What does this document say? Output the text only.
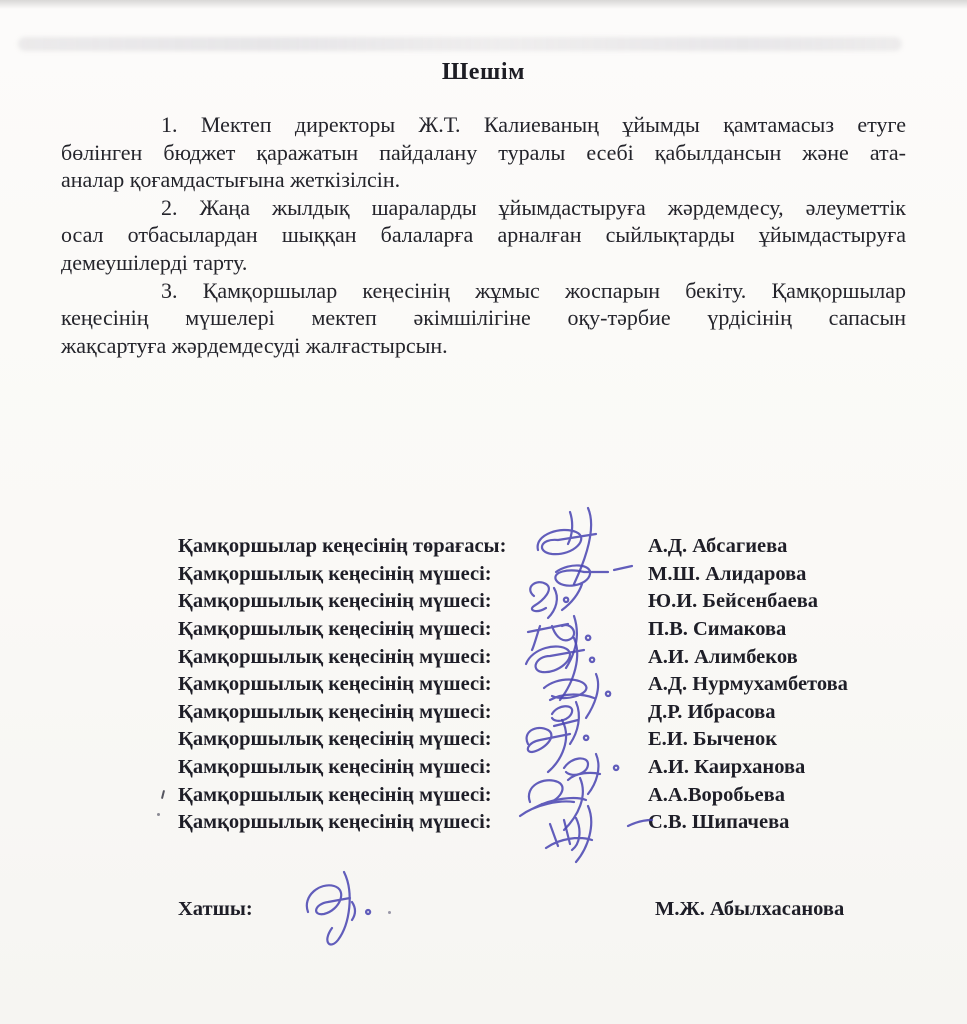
Шешім
1. Мектеп директоры Ж.Т. Калиеваның ұйымды қамтамасыз етуге
бөлінген бюджет қаражатын пайдалану туралы есебі қабылдансын және ата-
аналар қоғамдастығына жеткізілсін.
2. Жаңа жылдық шараларды ұйымдастыруға жәрдемдесу, әлеуметтік
осал отбасылардан шыққан балаларға арналған сыйлықтарды ұйымдастыруға
демеушілерді тарту.
3. Қамқоршылар кеңесінің жұмыс жоспарын бекіту. Қамқоршылар
кеңесінің мүшелері мектеп әкімшілігіне оқу-тәрбие үрдісінің сапасын
жақсартуға жәрдемдесуді жалғастырсын.
Қамқоршылар кеңесінің төрағасы:	А.Д. Абсагиева
Қамқоршылық кеңесінің мүшесі:	М.Ш. Алидарова
Қамқоршылық кеңесінің мүшесі:	Ю.И. Бейсенбаева
Қамқоршылық кеңесінің мүшесі:	П.В. Симакова
Қамқоршылық кеңесінің мүшесі:	А.И. Алимбеков
Қамқоршылық кеңесінің мүшесі:	А.Д. Нурмухамбетова
Қамқоршылық кеңесінің мүшесі:	Д.Р. Ибрасова
Қамқоршылық кеңесінің мүшесі:	Е.И. Быченок
Қамқоршылық кеңесінің мүшесі:	А.И. Каирханова
Қамқоршылық кеңесінің мүшесі:	А.А.Воробьева
Қамқоршылық кеңесінің мүшесі:	С.В. Шипачева
Хатшы:	М.Ж. Абылхасанова
